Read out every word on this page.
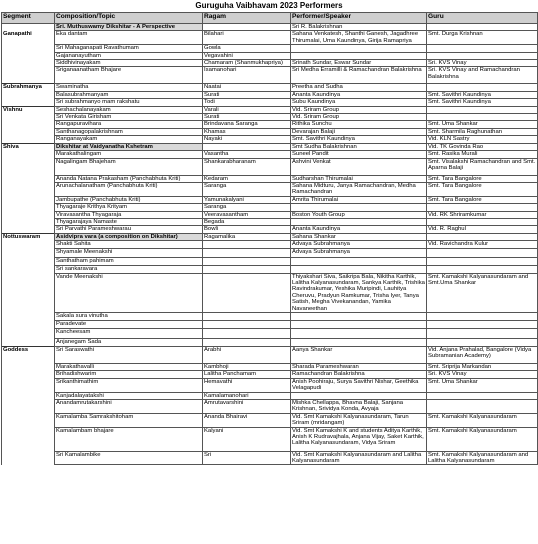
Guruguha Vaibhavam 2023 Performers
Segment	Composition/Topic	Ragam	Performer/Speaker	Guru
	Sri. Muthuswamy Dikshitar - A Perspective		Sri R. Balakrishnan	
Ganapathi	Eka dantam	Bilahari	Sahana Venkatesh, Shanthi Ganesh, Jagadhree Thirumalai, Uma Kaundinya, Girija Ramapriya	Smt. Durga Krishnan
	Sri Mahaganapati Ravathumam	Gowla		
	Gajananayutham	Vegavahini		
	Siddhivinayakam	Chamaram (Shanmukhapriya)	Srinath Sundar, Eswar Sundar	Sri. KVS Vinay
	Sriganaanatham Bhajare	Isamanohari	Sri Medha Erramilli & Ramachandran Balakrishna	Sri. KVS Vinay and Ramachandran Balakrishna
Subrahmanya	Swaminatha	Naatai	Preetha and Sudha	
	Balasubrahmanyam	Surati	Ananta Kaundinya	Smt. Savithri Kaundinya
	Sri subrahmanyo mam rakshatu	Todi	Subu Kaundinya	Smt. Savithri Kaundinya
Vishnu	Seshachalanayakam	Varali	Vid. Sriram Group	
	Sri Venkata Girisham	Surati	Vid. Sriram Group	
	Rangapuravihara	Brindavana Saranga	Rithika Sunchu	Smt. Uma Shankar
	Santhanagopalakrishnam	Khamas	Devarajan Balaji	Smt. Sharmila Raghunathan
	Ranganayakam	Nayaki	Smt. Savithri Kaundinya	Vid. KLN Sastry
Shiva	Dikshitar at Vaidyanatha Kshetram		Smt Sudha Balakrishnan	Vid. TK Govinda Rao
	Marakathalingam	Vasantha	Suneel Pandit	Smt. Rasika Murali
	Nagalingam Bhajeham	Shankarabharanam	Ashvini Venkat	Smt. Visalakshi Ramachandran and Smt. Aparna Balaji
	Ananda Natana Prakasham (Panchabhuta Kriti)	Kedaram	Sudharshan Thirumalai	Smt. Tara Bangalore
	Arunachalanatham (Panchabhuta Kriti)	Saranga	Sahana Midturu, Janya Ramachandran, Medha Ramachandran	Smt. Tara Bangalore
	Jambupathe (Panchabhuta Kriti)	Yamunakalyani	Amrita Thirumalai	Smt. Tara Bangalore
	Thyagaraje Krithya Krityam	Saranga		
	Viravasantha Thyagaraja	Veeravasantham	Boston Youth Group	Vid. RK Shriramkumar
	Thyagarajaya Namaste	Begada		
	Sri Parvathi Parameshwarau	Bowli	Ananta Kaundinya	Vid. R. Raghul
Nottuswaram	Asidvipra vara (a composition on Dikshitar)	Ragamalika	Sahana Shankar	
	Shakti Sahita		Advaya Subrahmanya	Vid. Ravichandra Kulur
	Shyamale Meenakshi		Advaya Subrahmanya	
	Santhatham pahimam			
	Sri sankaravara			
	Vande Meenakshi		Thiyakshari Siva, Saikripa Bala, Nikitha Karthik, Lalitha Kalyanasundaram, Sankya Karthik, Trishika Ravindrakumar, Yeshika Muripindi, Lauhitya Cheruvu, Pradyun Ramkumar, Trisha Iyer, Tanya Satish, Megha Vivekanandan, Yamika Navaneethan	Smt. Kamakshi Kalyanasundaram and Smt.Uma Shankar
	Sakala sura vinutha			
	Paradevate			
	Kancheesam			
	Anjanegam Sada			
Goddess	Sri Saraswathi	Arabhi	Aanya Shankar	Vid. Anjana Prahalad, Bangalore (Vidya Subramanian Academy)
	Marakathavalli	Kambhoji	Sharada Parameshwaran	Smt. Sriprija Markandan
	Brihadishwarim	Lalitha Panchamam	Ramachandran Balakrishna	Sri. KVS Vinay
	Srikanthimathim	Hemavathi	Anish Poohiraju, Surya Savithri Nishar, Geethika Velagapudi	Smt. Uma Shankar
	Kanjadalayatakshi	Kamalamanohari		
	Anandamrutakarshini	Amrutavarshini	Mishka Chellappa, Bhavna Balaji, Sanjana Krishnan, Srividya Konda, Avyaja	
	Kamalamba Samrakshitoham	Ananda Bhairavi	Vid. Smt Kamakshi Kalyanasundaram, Tarun Sriram (mridangam)	Smt. Kamakshi Kalyanasundaram
	Kamalambam bhajare	Kalyani	Vid. Smt Kamakshi K and students Aditya Karthik, Anish K Rudravajhala, Anjana Vijay, Saket Karthik, Lalitha Kalyanasundaram, Vidya Sriram	Smt. Kamakshi Kalyanasundaram
	Sri Kamalambike	Sri	Vid. Smt Kamakshi Kalyanasundaram and Lalitha Kalyanasundaram	Smt. Kamakshi Kalyanasundaram and Lalitha Kalyanasundaram
